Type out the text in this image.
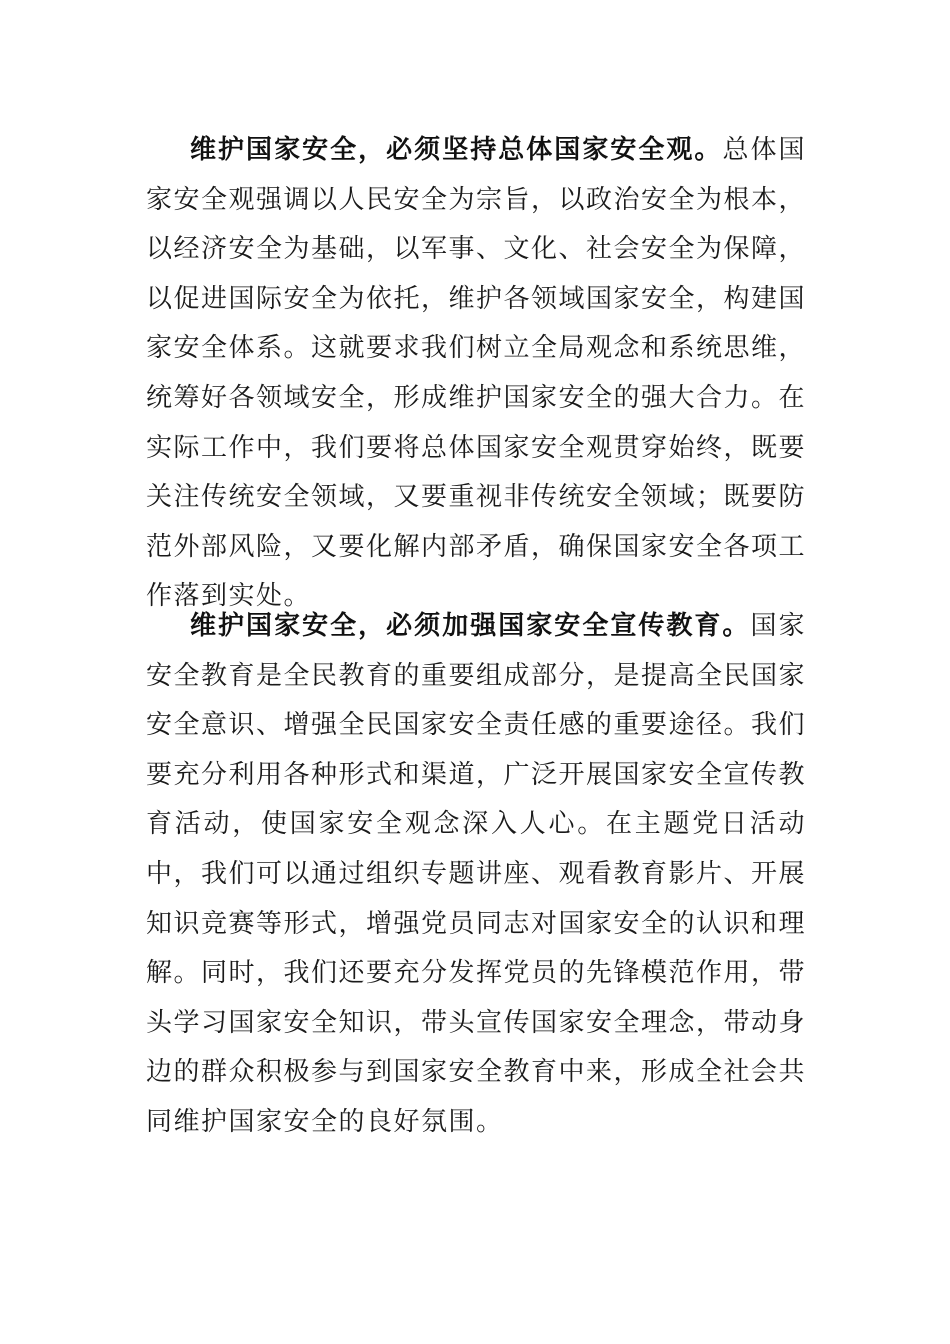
维护国家安全，必须坚持总体国家安全观。总体国家安全观强调以人民安全为宗旨，以政治安全为根本，以经济安全为基础，以军事、文化、社会安全为保障，以促进国际安全为依托，维护各领域国家安全，构建国家安全体系。这就要求我们树立全局观念和系统思维，统筹好各领域安全，形成维护国家安全的强大合力。在实际工作中，我们要将总体国家安全观贯穿始终，既要关注传统安全领域，又要重视非传统安全领域；既要防范外部风险，又要化解内部矛盾，确保国家安全各项工作落到实处。

维护国家安全，必须加强国家安全宣传教育。国家安全教育是全民教育的重要组成部分，是提高全民国家安全意识、增强全民国家安全责任感的重要途径。我们要充分利用各种形式和渠道，广泛开展国家安全宣传教育活动，使国家安全观念深入人心。在主题党日活动中，我们可以通过组织专题讲座、观看教育影片、开展知识竞赛等形式，增强党员同志对国家安全的认识和理解。同时，我们还要充分发挥党员的先锋模范作用，带头学习国家安全知识，带头宣传国家安全理念，带动身边的群众积极参与到国家安全教育中来，形成全社会共同维护国家安全的良好氛围。
